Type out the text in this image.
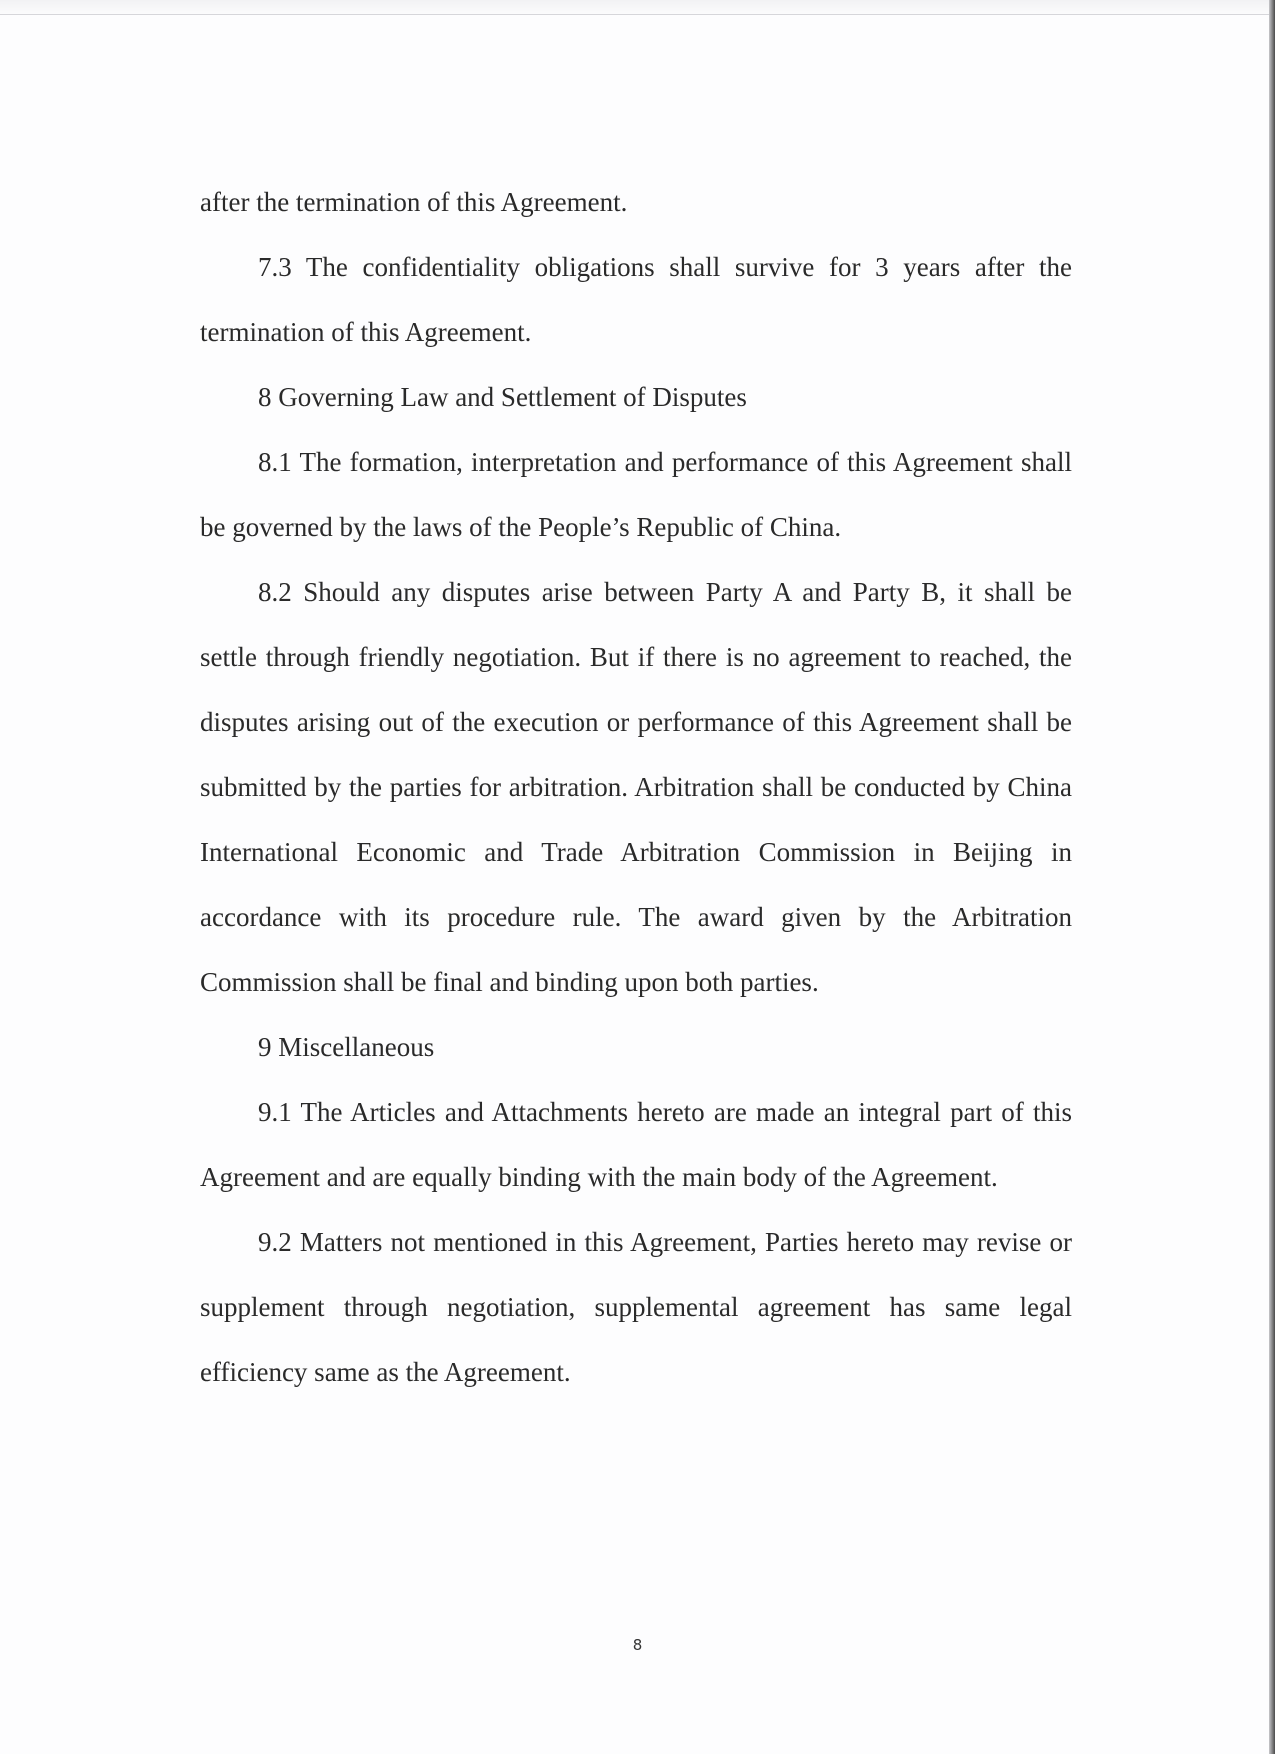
after the termination of this Agreement.

7.3 The confidentiality obligations shall survive for 3 years after the termination of this Agreement.

8 Governing Law and Settlement of Disputes

8.1 The formation, interpretation and performance of this Agreement shall be governed by the laws of the People’s Republic of China.

8.2 Should any disputes arise between Party A and Party B, it shall be settle through friendly negotiation. But if there is no agreement to reached, the disputes arising out of the execution or performance of this Agreement shall be submitted by the parties for arbitration. Arbitration shall be conducted by China International Economic and Trade Arbitration Commission in Beijing in accordance with its procedure rule. The award given by the Arbitration Commission shall be final and binding upon both parties.

9 Miscellaneous

9.1 The Articles and Attachments hereto are made an integral part of this Agreement and are equally binding with the main body of the Agreement.

9.2 Matters not mentioned in this Agreement, Parties hereto may revise or supplement through negotiation, supplemental agreement has same legal efficiency same as the Agreement.

8
